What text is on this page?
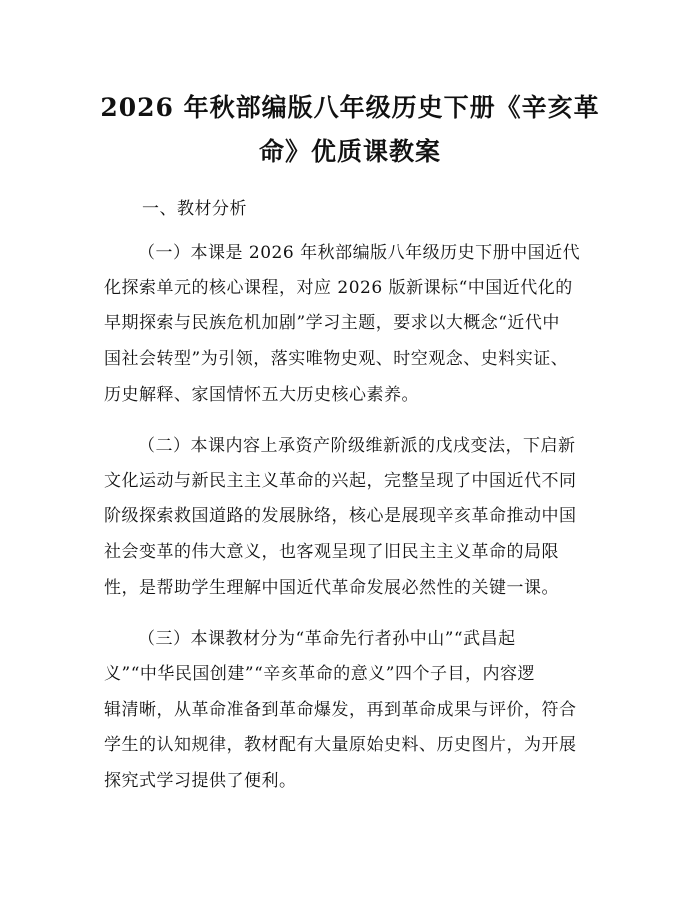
2026 年秋部编版八年级历史下册《辛亥革
命》优质课教案
一、教材分析
（一）本课是 2026 年秋部编版八年级历史下册中国近代
化探索单元的核心课程，对应 2026 版新课标“中国近代化的
早期探索与民族危机加剧”学习主题，要求以大概念“近代中
国社会转型”为引领，落实唯物史观、时空观念、史料实证、
历史解释、家国情怀五大历史核心素养。
（二）本课内容上承资产阶级维新派的戊戌变法，下启新
文化运动与新民主主义革命的兴起，完整呈现了中国近代不同
阶级探索救国道路的发展脉络，核心是展现辛亥革命推动中国
社会变革的伟大意义，也客观呈现了旧民主主义革命的局限
性，是帮助学生理解中国近代革命发展必然性的关键一课。
（三）本课教材分为“革命先行者孙中山”“武昌起
义”“中华民国创建”“辛亥革命的意义”四个子目，内容逻
辑清晰，从革命准备到革命爆发，再到革命成果与评价，符合
学生的认知规律，教材配有大量原始史料、历史图片，为开展
探究式学习提供了便利。
